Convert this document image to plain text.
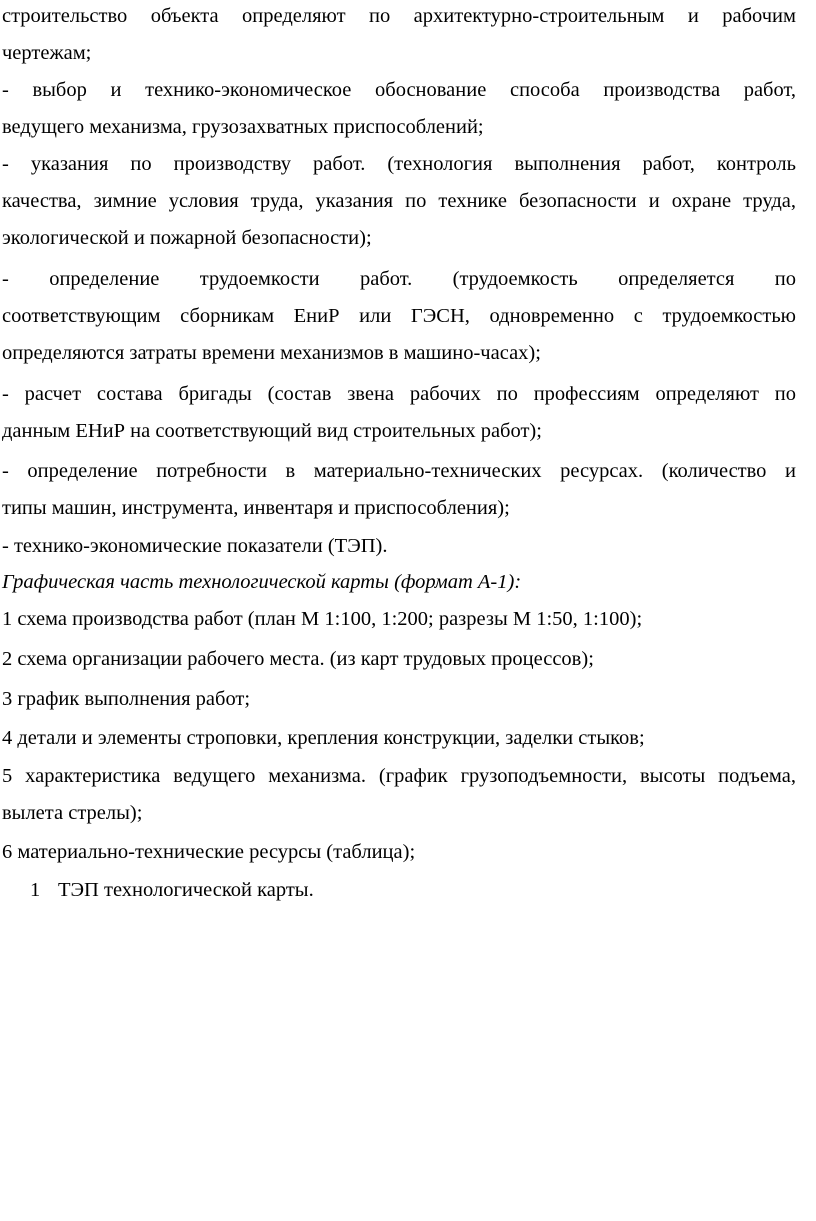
строительство объекта определяют по архитектурно-строительным и рабочим
чертежам;
- выбор и технико-экономическое обоснование способа производства работ,
ведущего механизма, грузозахватных приспособлений;
- указания по производству работ. (технология выполнения работ, контроль
качества, зимние условия труда, указания по технике безопасности и охране труда,
экологической и пожарной безопасности);
- определение трудоемкости работ. (трудоемкость определяется по
соответствующим сборникам ЕниР или ГЭСН, одновременно с трудоемкостью
определяются затраты времени механизмов в машино-часах);
- расчет состава бригады (состав звена рабочих по профессиям определяют по
данным ЕНиР на соответствующий вид строительных работ);
- определение потребности в материально-технических ресурсах. (количество и
типы машин, инструмента, инвентаря и приспособления);
- технико-экономические показатели (ТЭП).
Графическая часть технологической карты (формат А-1):
1 схема производства работ (план М 1:100, 1:200; разрезы М 1:50, 1:100);
2 схема организации рабочего места. (из карт трудовых процессов);
3 график выполнения работ;
4 детали и элементы строповки, крепления конструкции, заделки стыков;
5 характеристика ведущего механизма. (график грузоподъемности, высоты подъема,
вылета стрелы);
6 материально-технические ресурсы (таблица);
1 ТЭП технологической карты.
